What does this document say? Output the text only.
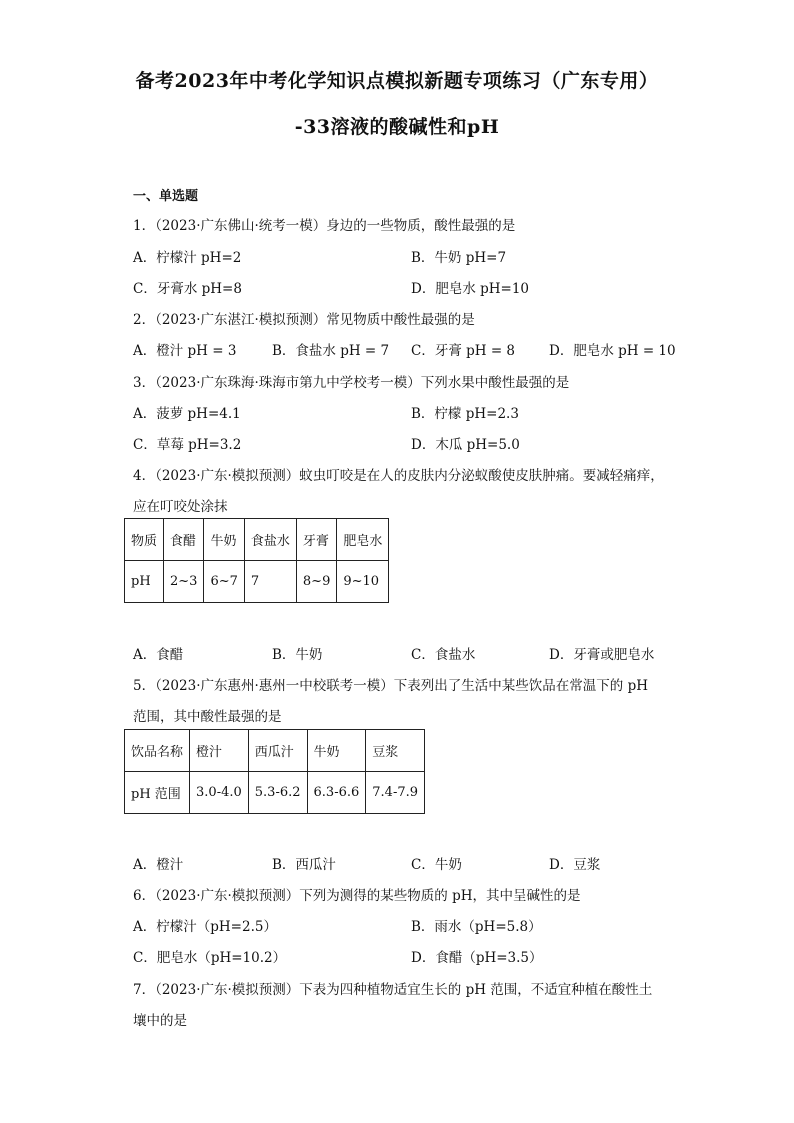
备考2023年中考化学知识点模拟新题专项练习（广东专用）
-33溶液的酸碱性和pH
一、单选题
1．（2023·广东佛山·统考一模）身边的一些物质，酸性最强的是
A．柠檬汁 pH=2	B．牛奶 pH=7
C．牙膏水 pH=8	D．肥皂水 pH=10
2．（2023·广东湛江·模拟预测）常见物质中酸性最强的是
A．橙汁 pH = 3	B．食盐水 pH = 7 C．牙膏 pH = 8	D．肥皂水 pH = 10
3．（2023·广东珠海·珠海市第九中学校考一模）下列水果中酸性最强的是
A．菠萝 pH=4.1	B．柠檬 pH=2.3
C．草莓 pH=3.2	D．木瓜 pH=5.0
4．（2023·广东·模拟预测）蚊虫叮咬是在人的皮肤内分泌蚁酸使皮肤肿痛。要减轻痛痒，
应在叮咬处涂抹
物质	食醋	牛奶	食盐水	牙膏	肥皂水
pH	2~3	6~7	7	8~9	9~10
A．食醋	B．牛奶	C．食盐水	D．牙膏或肥皂水
5．（2023·广东惠州·惠州一中校联考一模）下表列出了生活中某些饮品在常温下的 pH
范围，其中酸性最强的是
饮品名称	橙汁	西瓜汁	牛奶	豆浆
pH 范围	3.0-4.0	5.3-6.2	6.3-6.6	7.4-7.9
A．橙汁	B．西瓜汁	C．牛奶	D．豆浆
6．（2023·广东·模拟预测）下列为测得的某些物质的 pH，其中呈碱性的是
A．柠檬汁（pH=2.5）	B．雨水（pH=5.8）
C．肥皂水（pH=10.2）	D．食醋（pH=3.5）
7．（2023·广东·模拟预测）下表为四种植物适宜生长的 pH 范围，不适宜种植在酸性土
壤中的是
